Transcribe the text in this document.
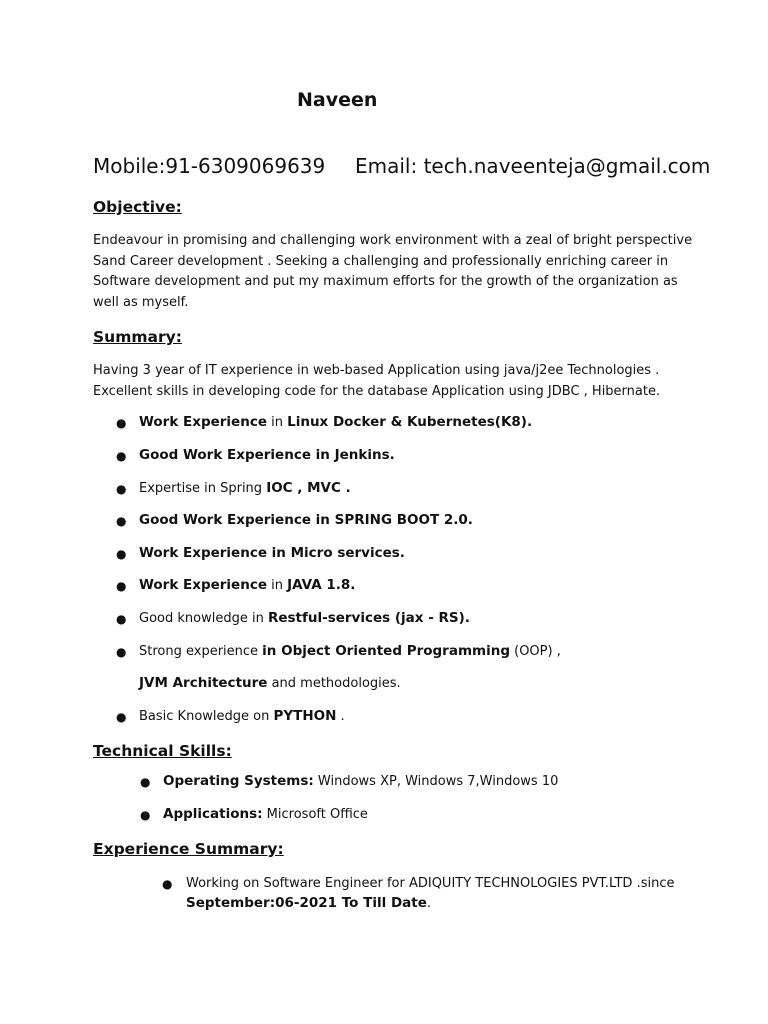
Naveen
Mobile:91-6309069639 Email: tech.naveenteja@gmail.com
Objective:
Endeavour in promising and challenging work environment with a zeal of bright perspective
Sand Career development . Seeking a challenging and professionally enriching career in
Software development and put my maximum efforts for the growth of the organization as
well as myself.
Summary:
Having 3 year of IT experience in web-based Application using java/j2ee Technologies .
Excellent skills in developing code for the database Application using JDBC , Hibernate.
● Work Experience in Linux Docker & Kubernetes(K8).
● Good Work Experience in Jenkins.
● Expertise in Spring IOC , MVC .
● Good Work Experience in SPRING BOOT 2.0.
● Work Experience in Micro services.
● Work Experience in JAVA 1.8.
● Good knowledge in Restful-services (jax - RS).
● Strong experience in Object Oriented Programming (OOP) ,
JVM Architecture and methodologies.
● Basic Knowledge on PYTHON .
Technical Skills:
● Operating Systems: Windows XP, Windows 7,Windows 10
● Applications: Microsoft Office
Experience Summary:
● Working on Software Engineer for ADIQUITY TECHNOLOGIES PVT.LTD .since
September:06-2021 To Till Date.
